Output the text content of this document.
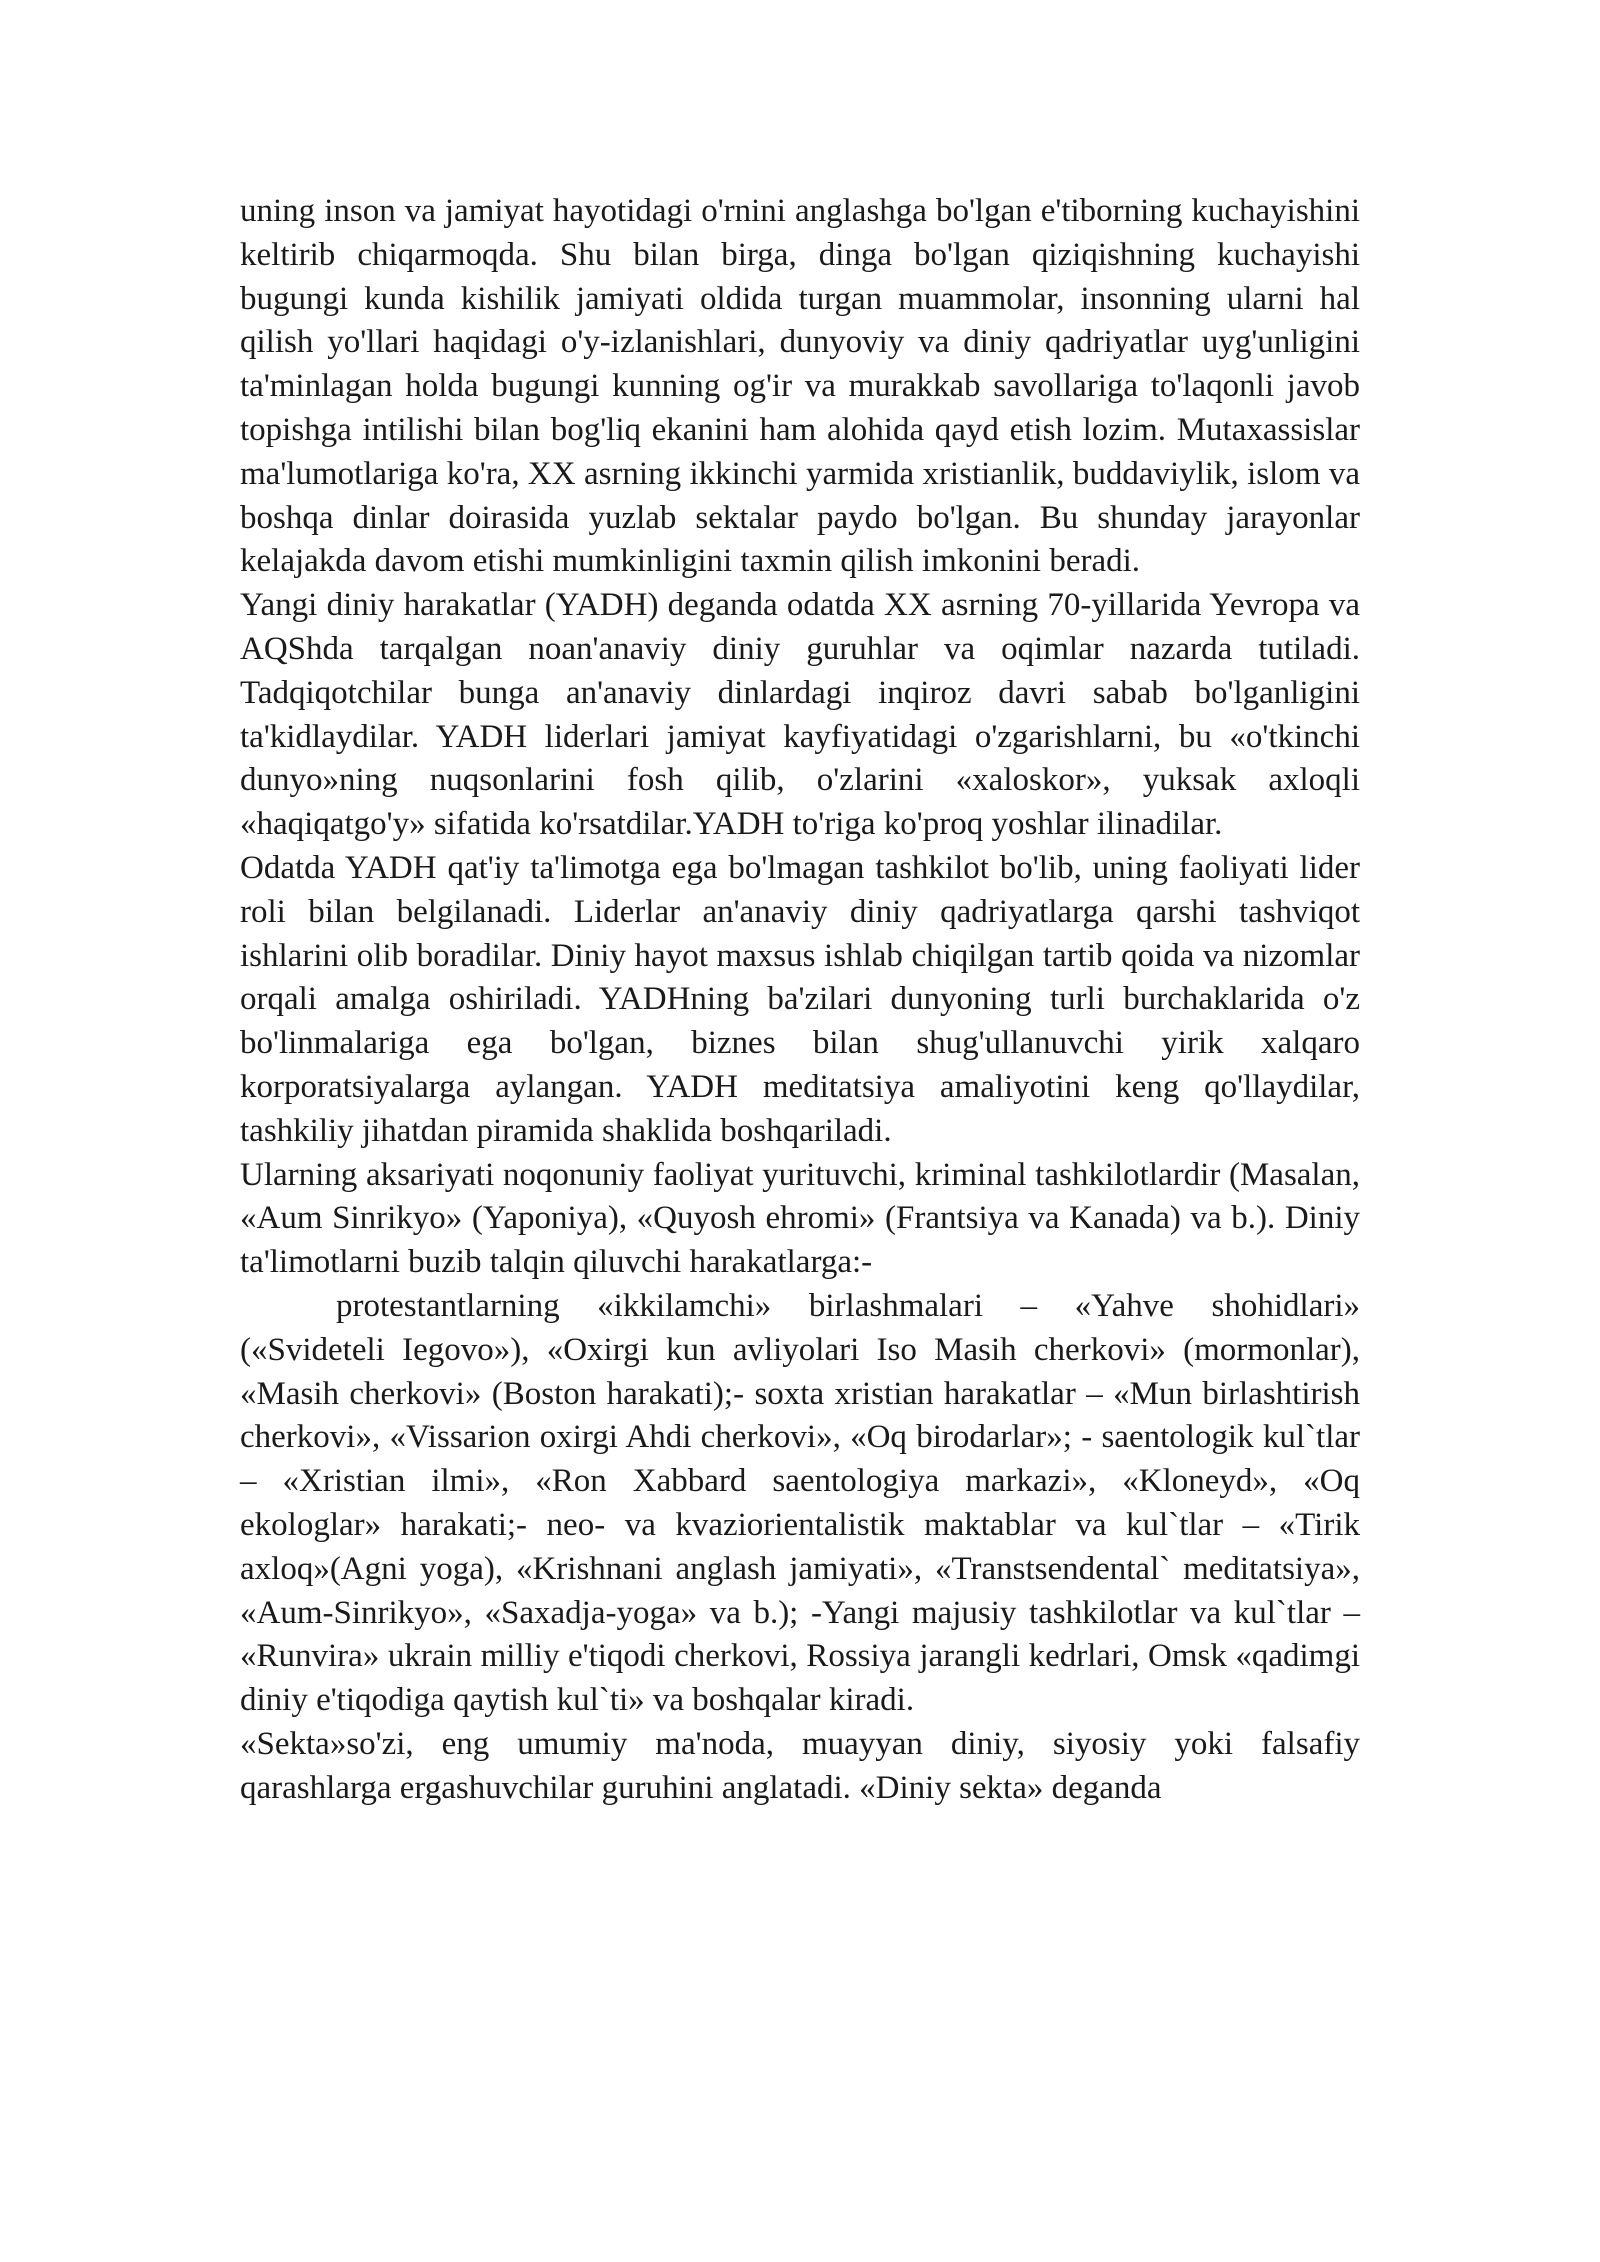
uning inson va jamiyat hayotidagi o'rnini anglashga bo'lgan e'tiborning kuchayishini keltirib chiqarmoqda. Shu bilan birga, dinga bo'lgan qiziqishning kuchayishi bugungi kunda kishilik jamiyati oldida turgan muammolar, insonning ularni hal qilish yo'llari haqidagi o'y-izlanishlari, dunyoviy va diniy qadriyatlar uyg'unligini ta'minlagan holda bugungi kunning og'ir va murakkab savollariga to'laqonli javob topishga intilishi bilan bog'liq ekanini ham alohida qayd etish lozim. Mutaxassislar ma'lumotlariga ko'ra, XX asrning ikkinchi yarmida xristianlik, buddaviylik, islom va boshqa dinlar doirasida yuzlab sektalar paydo bo'lgan. Bu shunday jarayonlar kelajakda davom etishi mumkinligini taxmin qilish imkonini beradi.

Yangi diniy harakatlar (YADH) deganda odatda XX asrning 70-yillarida Yevropa va AQShda tarqalgan noan'anaviy diniy guruhlar va oqimlar nazarda tutiladi. Tadqiqotchilar bunga an'anaviy dinlardagi inqiroz davri sabab bo'lganligini ta'kidlaydilar. YADH liderlari jamiyat kayfiyatidagi o'zgarishlarni, bu «o'tkinchi dunyo»ning nuqsonlarini fosh qilib, o'zlarini «xaloskor», yuksak axloqli «haqiqatgo'y» sifatida ko'rsatdilar.YADH to'riga ko'proq yoshlar ilinadilar.

Odatda YADH qat'iy ta'limotga ega bo'lmagan tashkilot bo'lib, uning faoliyati lider roli bilan belgilanadi. Liderlar an'anaviy diniy qadriyatlarga qarshi tashviqot ishlarini olib boradilar. Diniy hayot maxsus ishlab chiqilgan tartib qoida va nizomlar orqali amalga oshiriladi. YADHning ba'zilari dunyoning turli burchaklarida o'z bo'linmalariga ega bo'lgan, biznes bilan shug'ullanuvchi yirik xalqaro korporatsiyalarga aylangan. YADH meditatsiya amaliyotini keng qo'llaydilar, tashkiliy jihatdan piramida shaklida boshqariladi.

Ularning aksariyati noqonuniy faoliyat yurituvchi, kriminal tashkilotlardir (Masalan, «Aum Sinrikyo» (Yaponiya), «Quyosh ehromi» (Frantsiya va Kanada) va b.). Diniy ta'limotlarni buzib talqin qiluvchi harakatlarga:-

protestantlarning «ikkilamchi» birlashmalari – «Yahve shohidlari» («Svideteli Iegovo»), «Oxirgi kun avliyolari Iso Masih cherkovi» (mormonlar), «Masih cherkovi» (Boston harakati);- soxta xristian harakatlar – «Mun birlashtirish cherkovi», «Vissarion oxirgi Ahdi cherkovi», «Oq birodarlar»; - saentologik kul`tlar – «Xristian ilmi», «Ron Xabbard saentologiya markazi», «Kloneyd», «Oq ekologlar» harakati;- neo- va kvaziorientalistik maktablar va kul`tlar – «Tirik axloq»(Agni yoga), «Krishnani anglash jamiyati», «Transtsendental` meditatsiya», «Aum-Sinrikyo», «Saxadja-yoga» va b.); -Yangi majusiy tashkilotlar va kul`tlar – «Runvira» ukrain milliy e'tiqodi cherkovi, Rossiya jarangli kedrlari, Omsk «qadimgi diniy e'tiqodiga qaytish kul`ti» va boshqalar kiradi.

«Sekta»so'zi, eng umumiy ma'noda, muayyan diniy, siyosiy yoki falsafiy qarashlarga ergashuvchilar guruhini anglatadi. «Diniy sekta» deganda
